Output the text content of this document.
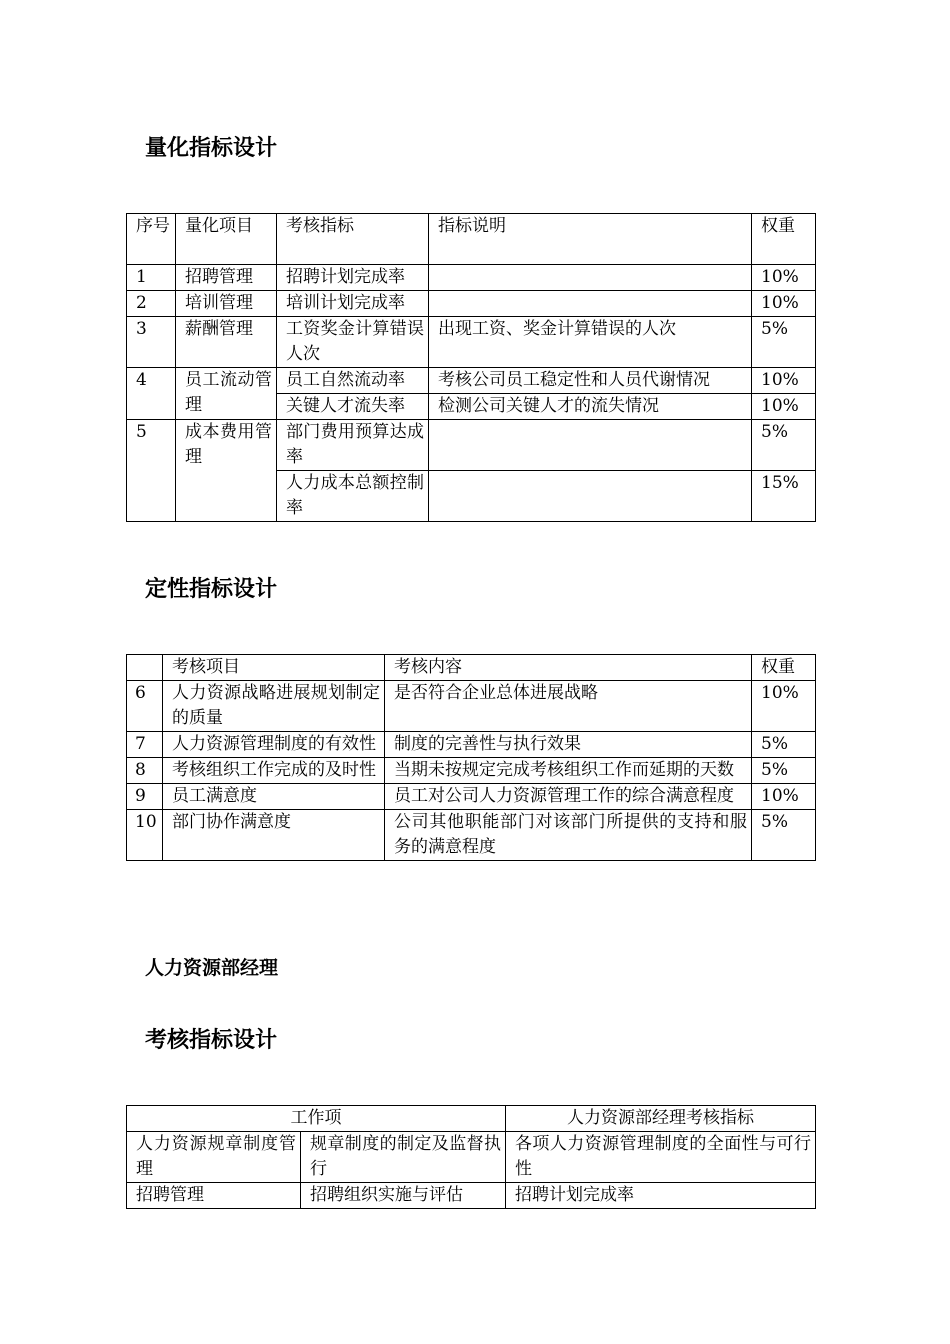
量化指标设计
序号	量化项目	考核指标	指标说明	权重
1	招聘管理	招聘计划完成率		10%
2	培训管理	培训计划完成率		10%
3	薪酬管理	工资奖金计算错误人次	出现工资、奖金计算错误的人次	5%
4	员工流动管理	员工自然流动率	考核公司员工稳定性和人员代谢情况	10%
		关键人才流失率	检测公司关键人才的流失情况	10%
5	成本费用管理	部门费用预算达成率		5%
		人力成本总额控制率		15%
定性指标设计
	考核项目	考核内容	权重
6	人力资源战略进展规划制定的质量	是否符合企业总体进展战略	10%
7	人力资源管理制度的有效性	制度的完善性与执行效果	5%
8	考核组织工作完成的及时性	当期未按规定完成考核组织工作而延期的天数	5%
9	员工满意度	员工对公司人力资源管理工作的综合满意程度	10%
10	部门协作满意度	公司其他职能部门对该部门所提供的支持和服务的满意程度	5%
人力资源部经理
考核指标设计
工作项		人力资源部经理考核指标
人力资源规章制度管理	规章制度的制定及监督执行	各项人力资源管理制度的全面性与可行性
招聘管理	招聘组织实施与评估	招聘计划完成率
